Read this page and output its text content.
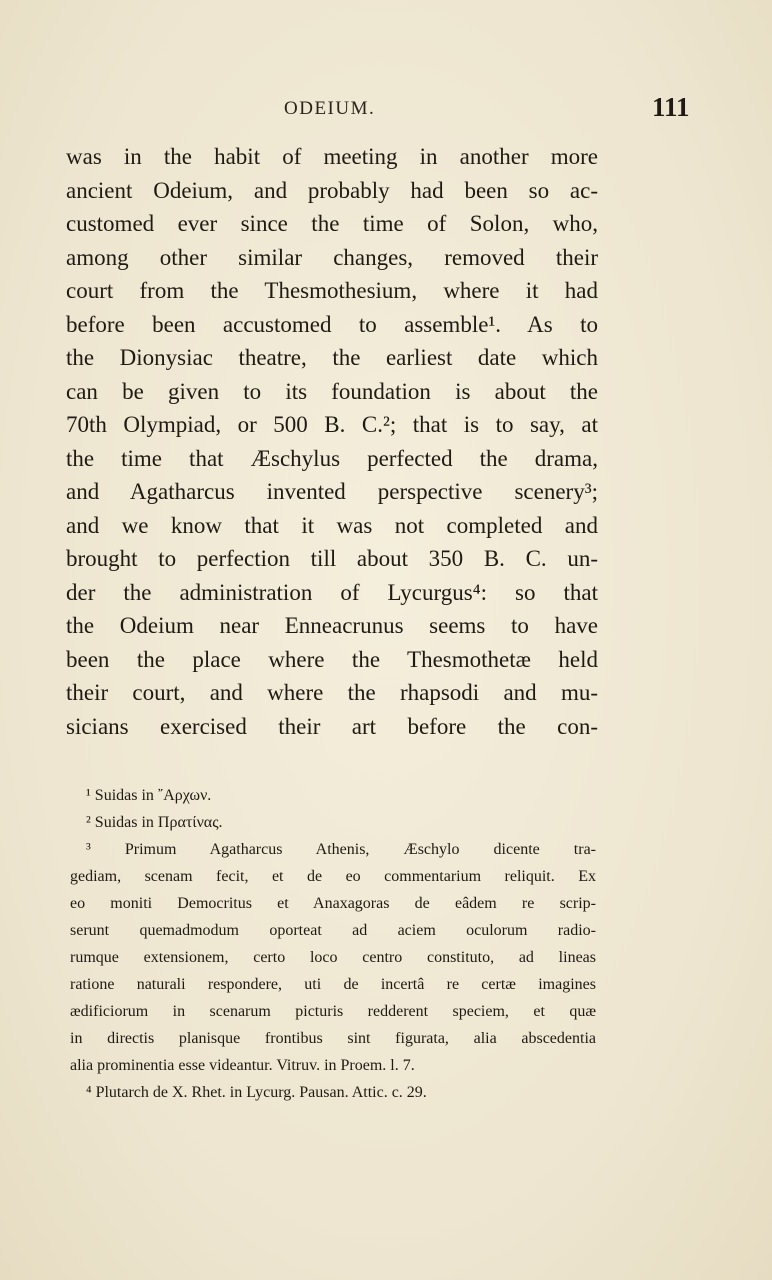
ODEIUM.	111
was in the habit of meeting in another more
ancient Odeium, and probably had been so ac-
customed ever since the time of Solon, who,
among other similar changes, removed their
court from the Thesmothesium, where it had
before been accustomed to assemble¹. As to
the Dionysiac theatre, the earliest date which
can be given to its foundation is about the
70th Olympiad, or 500 B. C.²; that is to say, at
the time that Æschylus perfected the drama,
and Agatharcus invented perspective scenery³;
and we know that it was not completed and
brought to perfection till about 350 B. C. un-
der the administration of Lycurgus⁴: so that
the Odeium near Enneacrunus seems to have
been the place where the Thesmothetæ held
their court, and where the rhapsodi and mu-
sicians exercised their art before the con-
¹ Suidas in ῎Αρχων.
² Suidas in Πρατίνας.
³ Primum Agatharcus Athenis, Æschylo dicente tra-
gediam, scenam fecit, et de eo commentarium reliquit. Ex
eo moniti Democritus et Anaxagoras de eâdem re scrip-
serunt quemadmodum oporteat ad aciem oculorum radio-
rumque extensionem, certo loco centro constituto, ad lineas
ratione naturali respondere, uti de incertâ re certæ imagines
ædificiorum in scenarum picturis redderent speciem, et quæ
in directis planisque frontibus sint figurata, alia abscedentia
alia prominentia esse videantur. Vitruv. in Proem. l. 7.
⁴ Plutarch de X. Rhet. in Lycurg. Pausan. Attic. c. 29.
